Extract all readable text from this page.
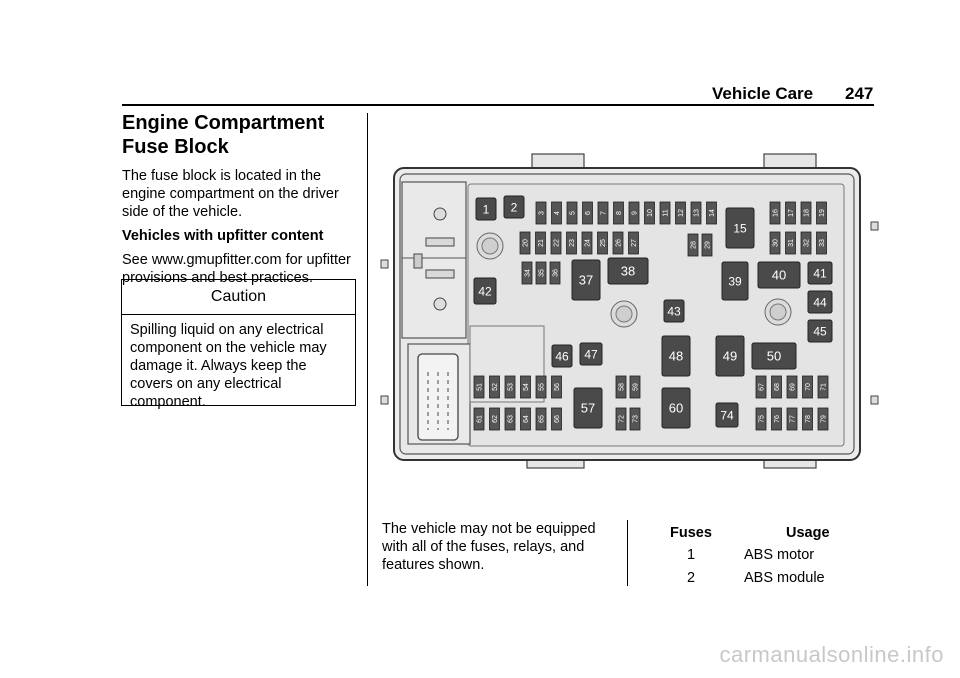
Vehicle Care 247
Engine Compartment
Fuse Block
The fuse block is located in the
engine compartment on the driver
side of the vehicle.
Vehicles with upfitter content
See www.gmupfitter.com for upfitter
provisions and best practices.
Caution
Spilling liquid on any electrical
component on the vehicle may
damage it. Always keep the
covers on any electrical
component.
3 4 5 6 7 8 9 10 11 12 13 14
20 21 22 23 24 25 26 27
34 35 36
28 29
16 17 18 19
30 31 32 33
51 52 53 54 55 56
61 62 63 64 65 66
58 59
72 73
67 68 69 70 71
75 76 77 78 79
1 2
15
37
38
39 40 41
42
43
44
45
46 47	48	49 50
57	60	74
The vehicle may not be equipped
with all of the fuses, relays, and
features shown.
Fuses	Usage
1	ABS motor
2	ABS module
carmanualsonline.info
